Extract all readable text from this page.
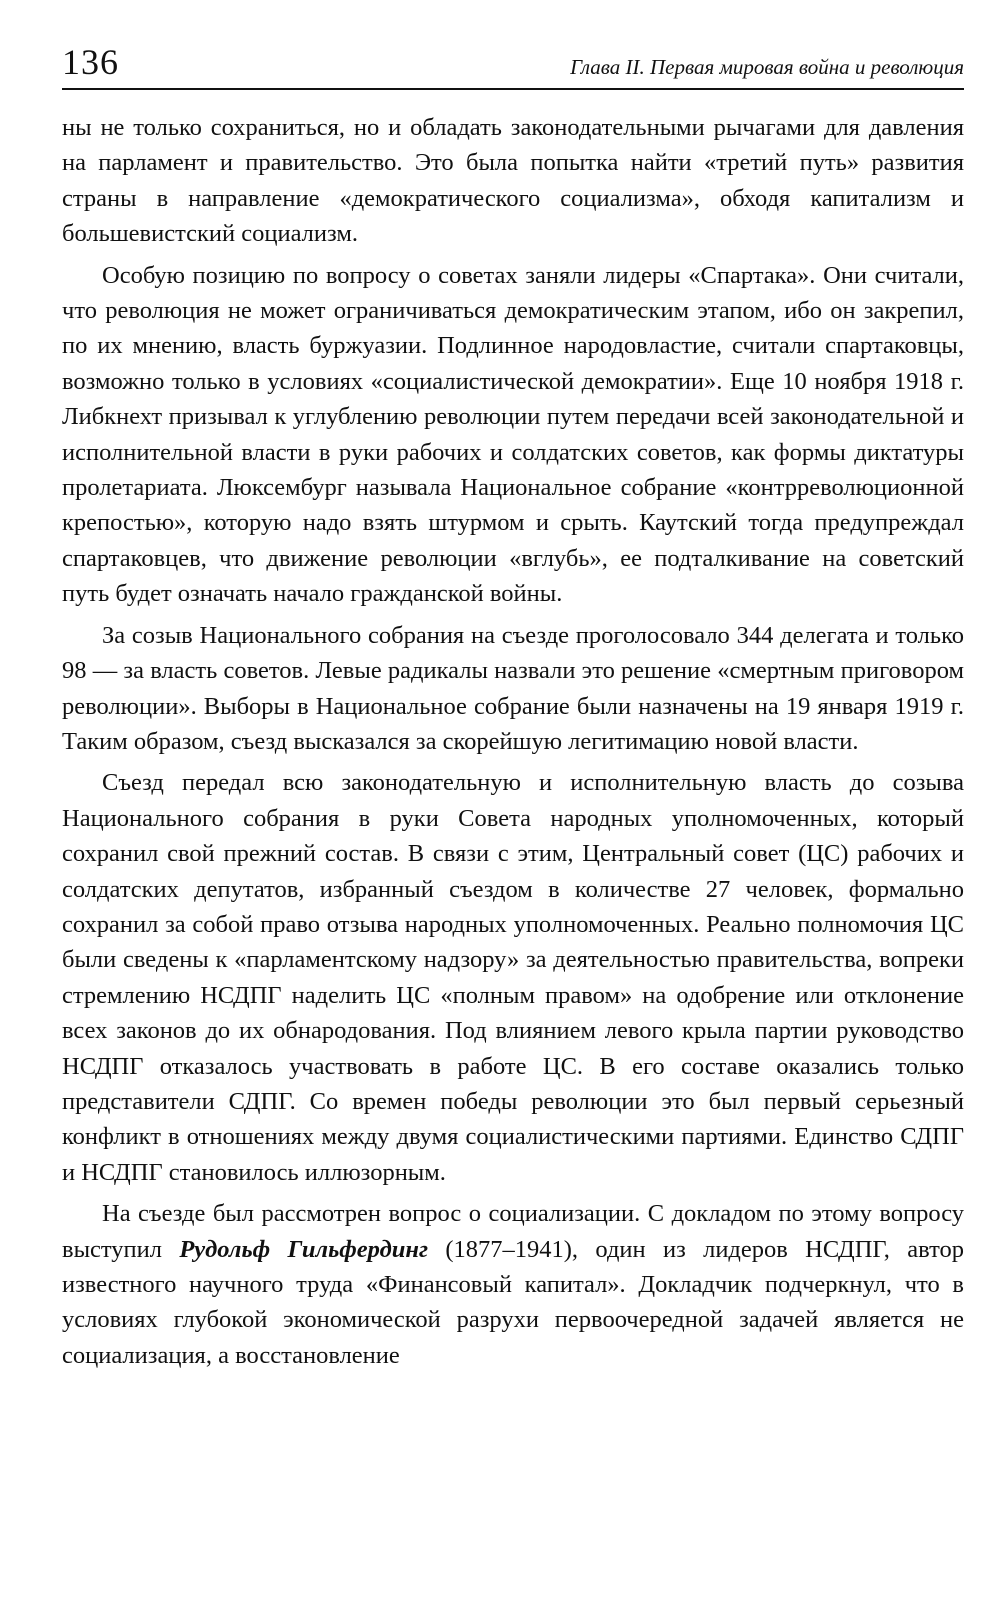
136	Глава II. Первая мировая война и революция

ны не только сохраниться, но и обладать законодательными рычагами для давления на парламент и правительство. Это была попытка найти «третий путь» развития страны в направление «демократического социализма», обходя капитализм и большевистский социализм.

Особую позицию по вопросу о советах заняли лидеры «Спартака». Они считали, что революция не может ограничиваться демократическим этапом, ибо он закрепил, по их мнению, власть буржуазии. Подлинное народовластие, считали спартаковцы, возможно только в условиях «социалистической демократии». Еще 10 ноября 1918 г. Либкнехт призывал к углублению революции путем передачи всей законодательной и исполнительной власти в руки рабочих и солдатских советов, как формы диктатуры пролетариата. Люксембург называла Национальное собрание «контрреволюционной крепостью», которую надо взять штурмом и срыть. Каутский тогда предупреждал спартаковцев, что движение революции «вглубь», ее подталкивание на советский путь будет означать начало гражданской войны.

За созыв Национального собрания на съезде проголосовало 344 делегата и только 98 — за власть советов. Левые радикалы назвали это решение «смертным приговором революции». Выборы в Национальное собрание были назначены на 19 января 1919 г. Таким образом, съезд высказался за скорейшую легитимацию новой власти.

Съезд передал всю законодательную и исполнительную власть до созыва Национального собрания в руки Совета народных уполномоченных, который сохранил свой прежний состав. В связи с этим, Центральный совет (ЦС) рабочих и солдатских депутатов, избранный съездом в количестве 27 человек, формально сохранил за собой право отзыва народных уполномоченных. Реально полномочия ЦС были сведены к «парламентскому надзору» за деятельностью правительства, вопреки стремлению НСДПГ наделить ЦС «полным правом» на одобрение или отклонение всех законов до их обнародования. Под влиянием левого крыла партии руководство НСДПГ отказалось участвовать в работе ЦС. В его составе оказались только представители СДПГ. Со времен победы революции это был первый серьезный конфликт в отношениях между двумя социалистическими партиями. Единство СДПГ и НСДПГ становилось иллюзорным.

На съезде был рассмотрен вопрос о социализации. С докладом по этому вопросу выступил Рудольф Гильфердинг (1877–1941), один из лидеров НСДПГ, автор известного научного труда «Финансовый капитал». Докладчик подчеркнул, что в условиях глубокой экономической разрухи первоочередной задачей является не социализация, а восстановление
